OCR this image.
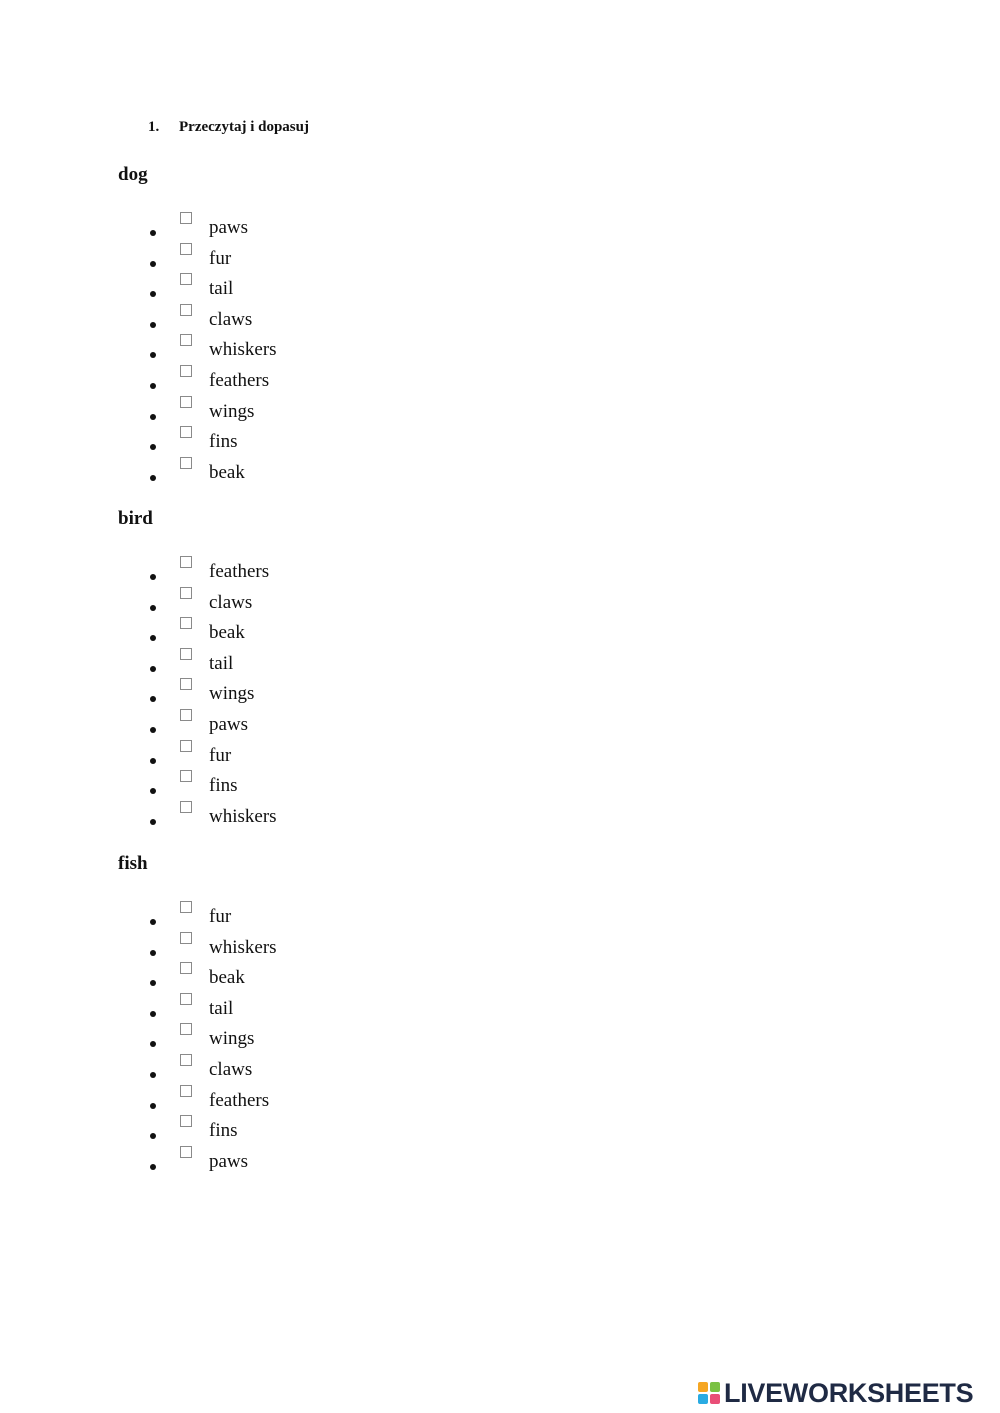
1. Przeczytaj i dopasuj
dog
paws
fur
tail
claws
whiskers
feathers
wings
fins
beak
bird
feathers
claws
beak
tail
wings
paws
fur
fins
whiskers
fish
fur
whiskers
beak
tail
wings
claws
feathers
fins
paws
LIVEWORKSHEETS
